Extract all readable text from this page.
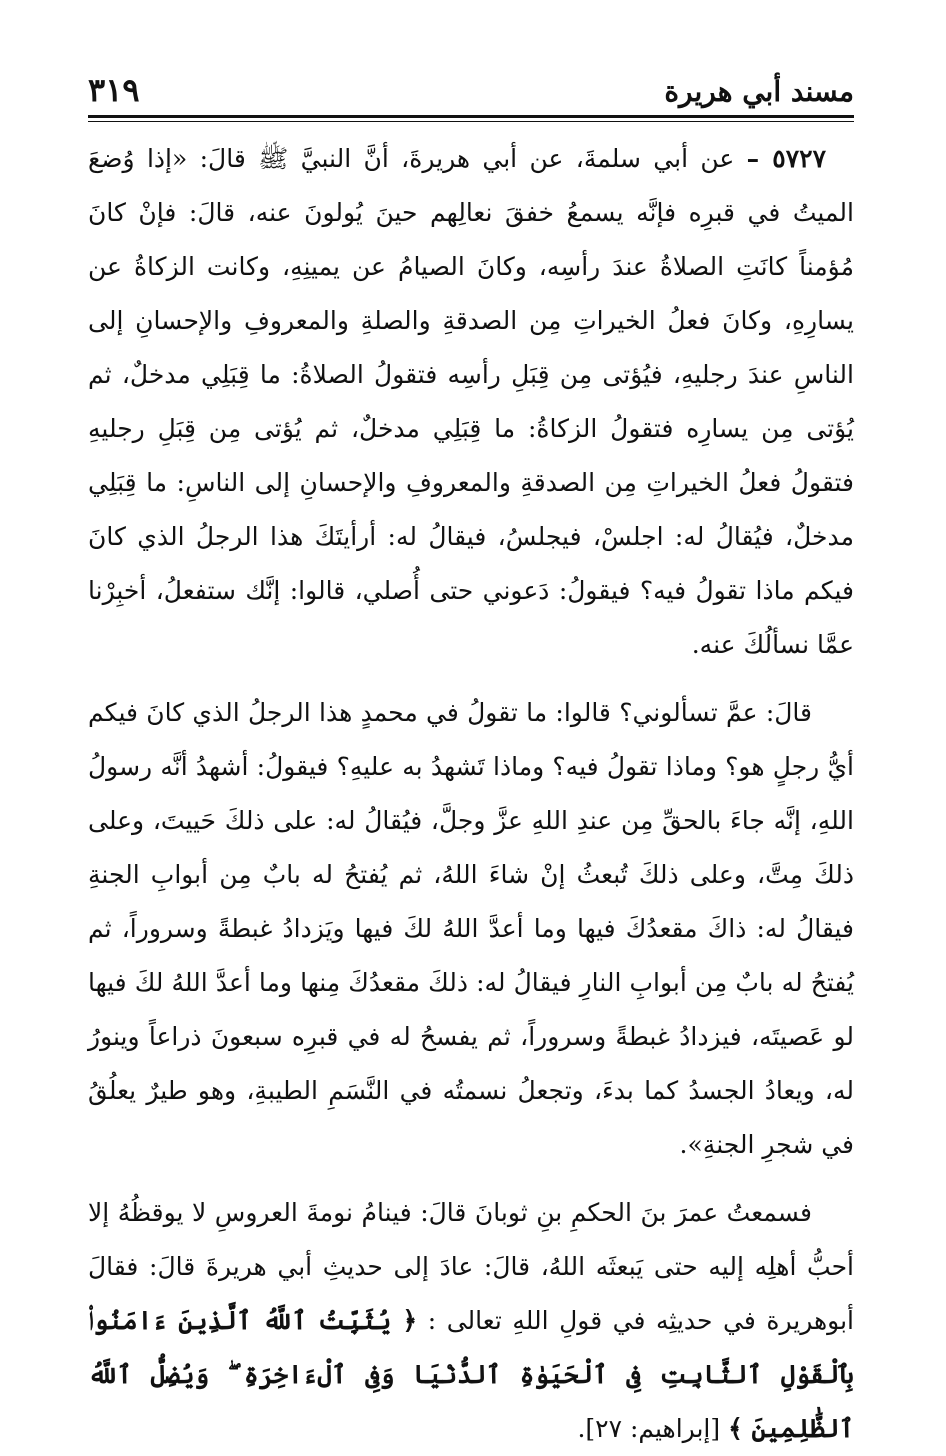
مسند أبي هريرة
٣١٩

٥٧٢٧ – عن أبي سلمةَ، عن أبي هريرةَ، أنَّ النبيَّ ﷺ قالَ: «إذا وُضعَ الميتُ في قبرِه فإنَّه يسمعُ خفقَ نعالِهم حينَ يُولونَ عنه، قالَ: فإنْ كانَ مُؤمناً كانَتِ الصلاةُ عندَ رأسِه، وكانَ الصيامُ عن يمينِهِ، وكانت الزكاةُ عن يسارِهِ، وكانَ فعلُ الخيراتِ مِن الصدقةِ والصلةِ والمعروفِ والإحسانِ إلى الناسِ عندَ رجليهِ، فيُؤتى مِن قِبَلِ رأسِه فتقولُ الصلاةُ: ما قِبَلِي مدخلٌ، ثم يُؤتى مِن يسارِه فتقولُ الزكاةُ: ما قِبَلِي مدخلٌ، ثم يُؤتى مِن قِبَلِ رجليهِ فتقولُ فعلُ الخيراتِ مِن الصدقةِ والمعروفِ والإحسانِ إلى الناسِ: ما قِبَلِي مدخلٌ، فيُقالُ له: اجلسْ، فيجلسُ، فيقالُ له: أرأيتَكَ هذا الرجلُ الذي كانَ فيكم ماذا تقولُ فيه؟ فيقولُ: دَعوني حتى أُصلي، قالوا: إنَّك ستفعلُ، أخبِرْنا عمَّا نسألُكَ عنه.

قالَ: عمَّ تسألوني؟ قالوا: ما تقولُ في محمدٍ هذا الرجلُ الذي كانَ فيكم أيُّ رجلٍ هو؟ وماذا تقولُ فيه؟ وماذا تَشهدُ به عليهِ؟ فيقولُ: أشهدُ أنَّه رسولُ اللهِ، إنَّه جاءَ بالحقِّ مِن عندِ اللهِ عزَّ وجلَّ، فيُقالُ له: على ذلكَ حَييتَ، وعلى ذلكَ مِتَّ، وعلى ذلكَ تُبعثُ إنْ شاءَ اللهُ، ثم يُفتحُ له بابٌ مِن أبوابِ الجنةِ فيقالُ له: ذاكَ مقعدُكَ فيها وما أعدَّ اللهُ لكَ فيها ويَزدادُ غبطةً وسروراً، ثم يُفتحُ له بابٌ مِن أبوابِ النارِ فيقالُ له: ذلكَ مقعدُكَ مِنها وما أعدَّ اللهُ لكَ فيها لو عَصيتَه، فيزدادُ غبطةً وسروراً، ثم يفسحُ له في قبرِه سبعونَ ذراعاً وينورُ له، ويعادُ الجسدُ كما بدءَ، وتجعلُ نسمتُه في النَّسَمِ الطيبةِ، وهو طيرٌ يعلُقُ في شجرِ الجنةِ».

فسمعتُ عمرَ بنَ الحكمِ بنِ ثوبانَ قالَ: فينامُ نومةَ العروسِ لا يوقظُهُ إلا أحبُّ أهلِه إليه حتى يَبعثَه اللهُ، قالَ: عادَ إلى حديثِ أبي هريرةَ قالَ: فقالَ أبوهريرة في حديثِه في قولِ اللهِ تعالى : ﴿ يُثَبِّتُ ٱللَّهُ ٱلَّذِينَ ءَامَنُوا۟ بِٱلْقَوْلِ ٱلثَّابِتِ فِى ٱلْحَيَوٰةِ ٱلدُّنْيَا وَفِى ٱلْءَاخِرَةِ ۖ وَيُضِلُّ ٱللَّهُ ٱلظَّٰلِمِينَ ﴾ [إبراهيم: ٢٧].
